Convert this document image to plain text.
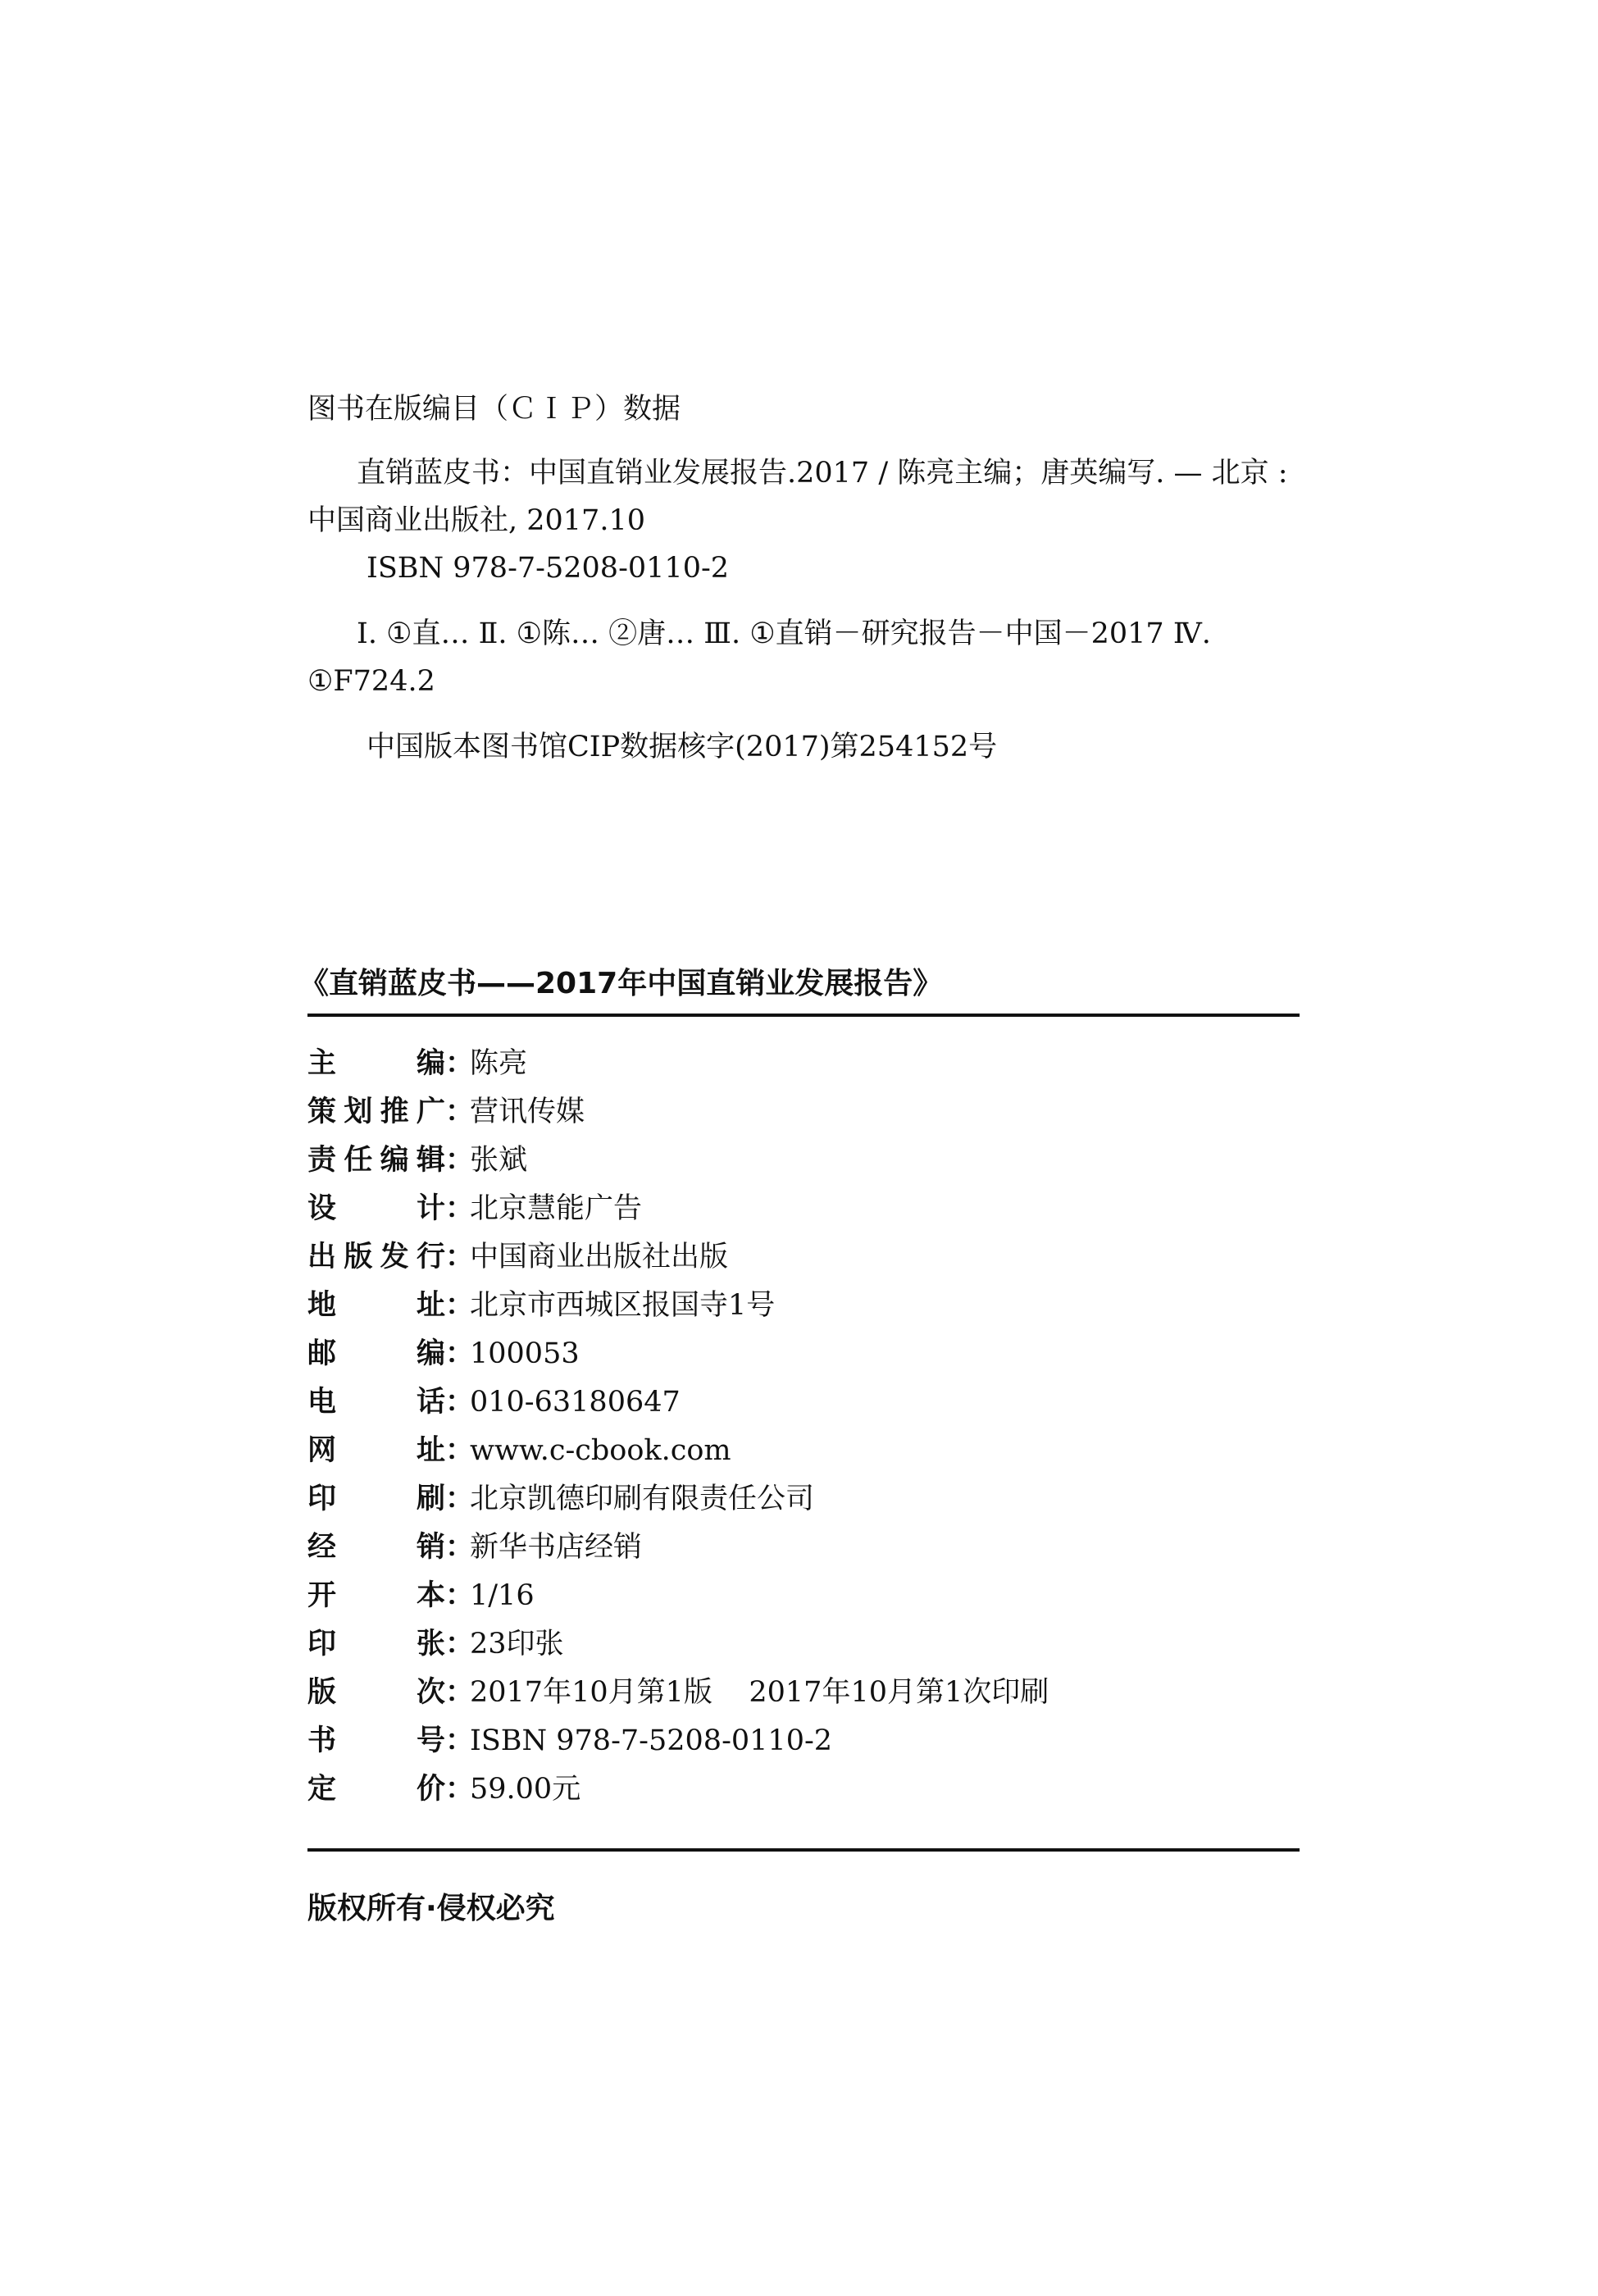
图书在版编目（ＣＩＰ）数据

直销蓝皮书：中国直销业发展报告.2017 / 陈亮主编；唐英编写. — 北京 : 中国商业出版社, 2017.10

ISBN 978-7-5208-0110-2

Ⅰ. ①直… Ⅱ. ①陈… ②唐… Ⅲ. ①直销－研究报告－中国－2017 Ⅳ. ①F724.2

中国版本图书馆CIP数据核字(2017)第254152号

《直销蓝皮书——2017年中国直销业发展报告》
主编 ：
陈亮
策划推广 ：
营讯传媒
责任编辑 ：
张斌
设计 ：
北京慧能广告
出版发行 ：
中国商业出版社出版
地址 ：
北京市西城区报国寺1号
邮编 ：
100053
电话 ：
010-63180647
网址 ：
www.c-cbook.com
印刷 ：
北京凯德印刷有限责任公司
经销 ：
新华书店经销
开本 ：
1/16
印张 ：
23印张
版次 ：
2017年10月第1版    2017年10月第1次印刷
书号 ：
ISBN 978-7-5208-0110-2
定价 ：
59.00元
版权所有·侵权必究
